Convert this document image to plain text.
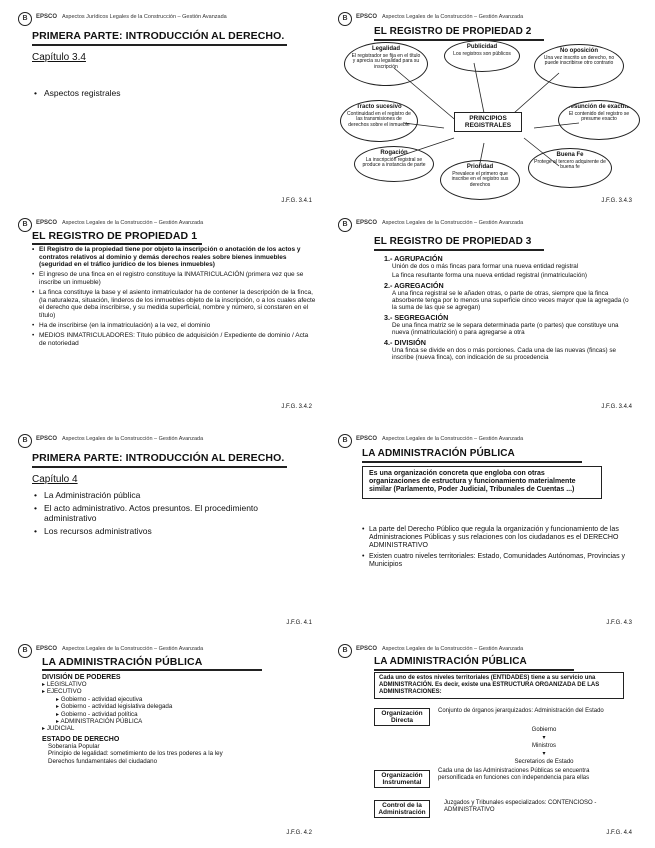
B	EPSCO Aspectos Jurídicos Legales de la Construcción – Gestión Avanzada
PRIMERA PARTE: INTRODUCCIÓN AL DERECHO.
Capítulo 3.4
• Aspectos registrales
J.F.G. 3.4.1
B	EPSCO Aspectos Legales de la Construcción – Gestión Avanzada
EL REGISTRO DE PROPIEDAD 2
Legalidad
El registrador se fija en el título y aprecia su legalidad para su inscripción
Publicidad
Los registros son públicos	No oposición
Una vez inscrito un derecho, no puede inscribirse otro contrario
Tracto sucesivo
Continuidad en el registro de las transmisiones de derechos sobre el inmueble
Presunción de exactitud
El contenido del registro se presume exacto
Rogación
La inscripción registral se produce a instancia de parte	Prioridad
Prevalece el primero que inscribe en el registro sus derechos
Buena Fe
Protege al tercero adquirente de buena fe
PRINCIPIOS REGISTRALES
J.F.G. 3.4.3
B	EPSCO Aspectos Legales de la Construcción – Gestión Avanzada
EL REGISTRO DE PROPIEDAD 1

• El Registro de la propiedad tiene por objeto la inscripción o anotación de los actos y contratos relativos al dominio y demás derechos reales sobre bienes inmuebles (seguridad en el tráfico jurídico de los bienes inmuebles)

• El ingreso de una finca en el registro constituye la INMATRICULACIÓN (primera vez que se inscribe un inmueble)

• La finca constituye la base y el asiento inmatriculador ha de contener la descripción de la finca, (la naturaleza, situación, linderos de los inmuebles objeto de la inscripción, o a los cuales afecte el derecho que deba inscribirse, y su medida superficial, nombre y número, si constaren en el título)

• Ha de inscribirse (en la inmatriculación) a la vez, el dominio

• MEDIOS INMATRICULADORES: Título público de adquisición / Expediente de dominio / Acta de notoriedad

J.F.G. 3.4.2
B	EPSCO Aspectos Legales de la Construcción – Gestión Avanzada
EL REGISTRO DE PROPIEDAD 3
1.- AGRUPACIÓN
Unión de dos o más fincas para formar una nueva entidad registral
La finca resultante forma una nueva entidad registral (inmatriculación)
2.- AGREGACIÓN
A una finca registral se le añaden otras, o parte de otras, siempre que la finca absorbente tenga por lo menos una superficie cinco veces mayor que la agregada (o la suma de las que se agregan)
3.- SEGREGACIÓN
De una finca matriz se le separa determinada parte (o partes) que constituye una nueva (inmatriculación) o para agregarse a otra
4.- DIVISIÓN
Una finca se divide en dos o más porciones. Cada una de las nuevas (fincas) se inscribe (nueva finca), con indicación de su procedencia
J.F.G. 3.4.4
B	EPSCO Aspectos Legales de la Construcción – Gestión Avanzada
PRIMERA PARTE: INTRODUCCIÓN AL DERECHO.
Capítulo 4
• La Administración pública
• El acto administrativo. Actos presuntos. El procedimiento administrativo
• Los recursos administrativos
J.F.G. 4.1
B	EPSCO Aspectos Legales de la Construcción – Gestión Avanzada
LA ADMINISTRACIÓN PÚBLICA
Es una organización concreta que engloba con otras organizaciones de estructura y funcionamiento materialmente similar (Parlamento, Poder Judicial, Tribunales de Cuentas ...)

• La parte del Derecho Público que regula la organización y funcionamiento de las Administraciones Públicas y sus relaciones con los ciudadanos es el DERECHO ADMINISTRATIVO

• Existen cuatro niveles territoriales: Estado, Comunidades Autónomas, Provincias y Municipios

J.F.G. 4.3
B	EPSCO Aspectos Legales de la Construcción – Gestión Avanzada
LA ADMINISTRACIÓN PÚBLICA
DIVISIÓN DE PODERES
▸ LEGISLATIVO
▸ EJECUTIVO
▸ Gobierno - actividad ejecutiva
▸ Gobierno - actividad legislativa delegada
▸ Gobierno - actividad política
▸ ADMINISTRACIÓN PÚBLICA
▸ JUDICIAL
ESTADO DE DERECHO
Soberanía Popular
Principio de legalidad: sometimiento de los tres poderes a la ley
Derechos fundamentales del ciudadano
J.F.G. 4.2
B	EPSCO Aspectos Legales de la Construcción – Gestión Avanzada
LA ADMINISTRACIÓN PÚBLICA
Cada uno de estos niveles territoriales (ENTIDADES) tiene a su servicio una ADMINISTRACIÓN. Es decir, existe una ESTRUCTURA ORGANIZADA DE LAS ADMINISTRACIONES:
Organización Directa
Conjunto de órganos jerarquizados: Administración del Estado
Gobierno
▾
Ministros
▾
Secretarios de Estado
Organización Instrumental
Cada una de las Administraciones Públicas se encuentra personificada en funciones con independencia para ellas
Control de la Administración
Juzgados y Tribunales especializados: CONTENCIOSO - ADMINISTRATIVO
J.F.G. 4.4
